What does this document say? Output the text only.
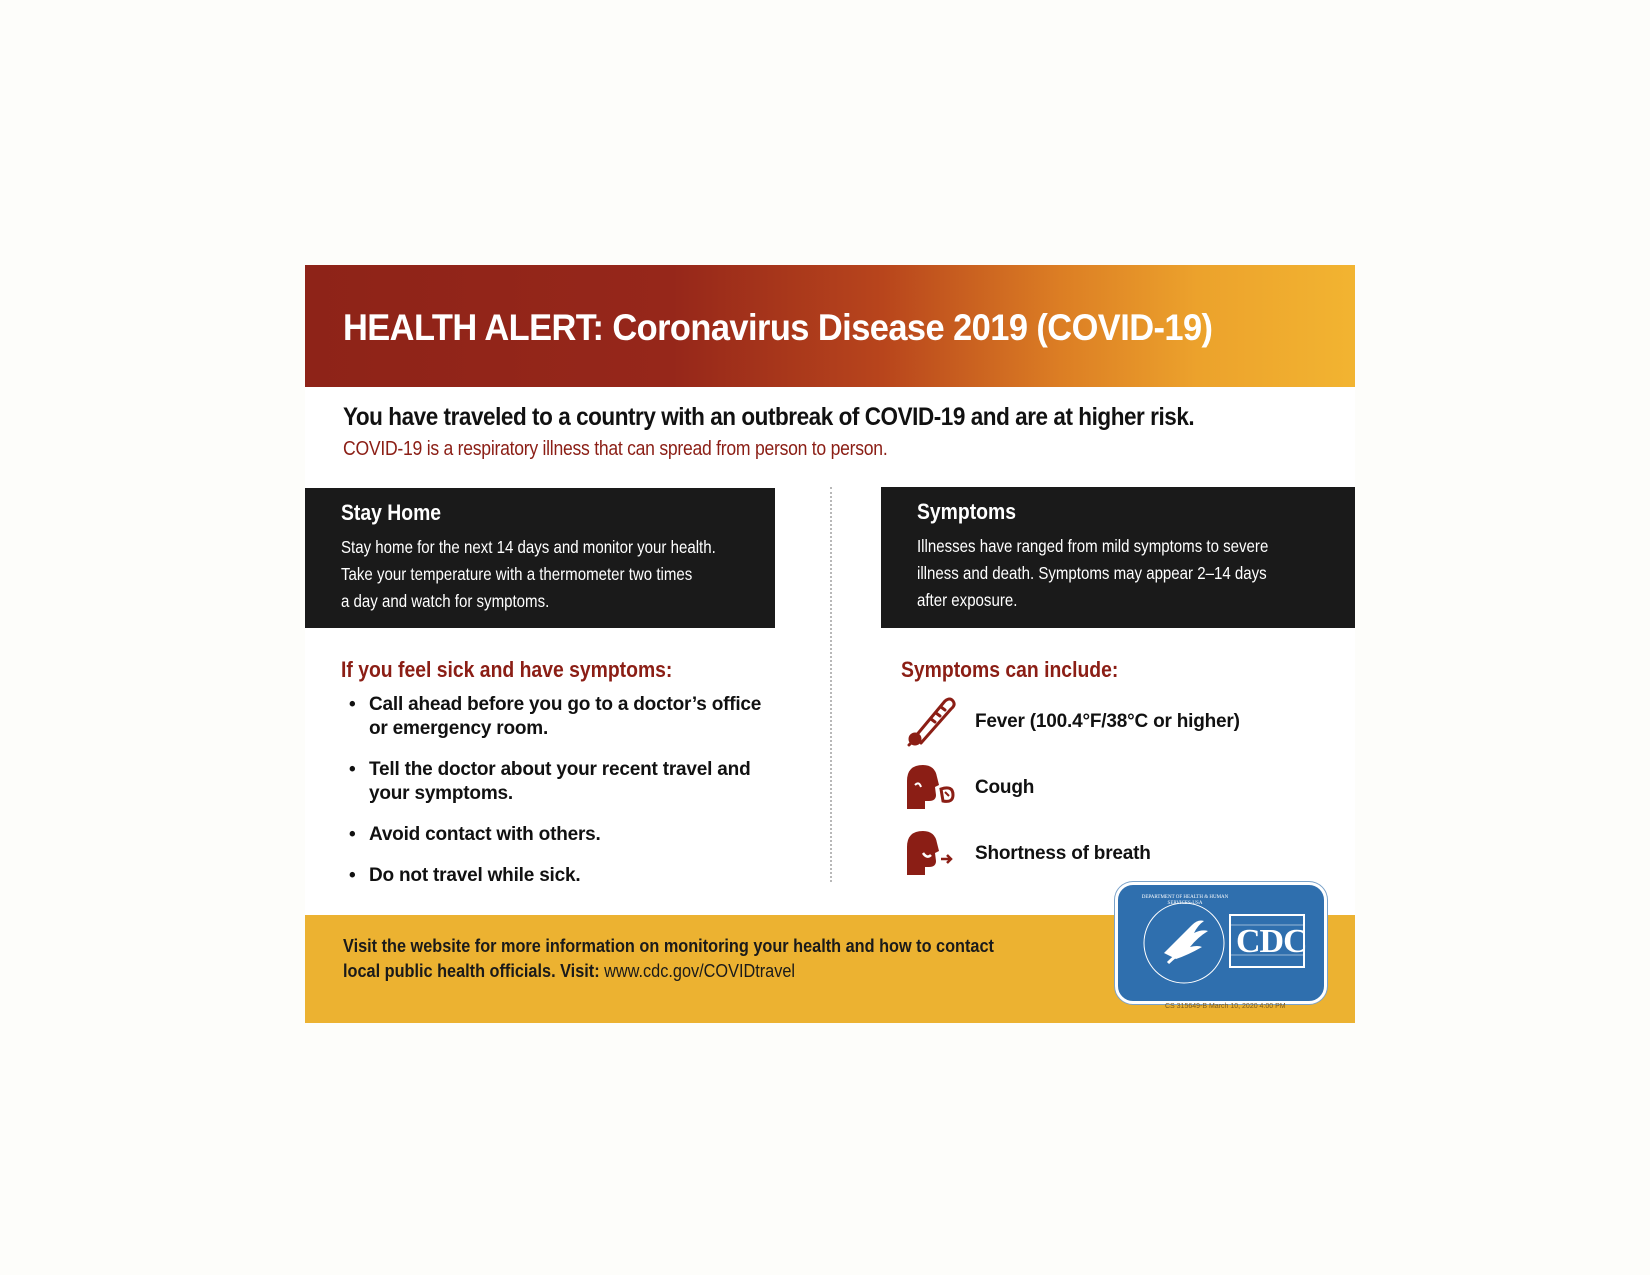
HEALTH ALERT: Coronavirus Disease 2019 (COVID-19)

You have traveled to a country with an outbreak of COVID-19 and are at higher risk.

COVID-19 is a respiratory illness that can spread from person to person.

Stay Home
Stay home for the next 14 days and monitor your health.
Take your temperature with a thermometer two times
a day and watch for symptoms.
Symptoms
Illnesses have ranged from mild symptoms to severe
illness and death. Symptoms may appear 2–14 days
after exposure.
If you feel sick and have symptoms:
• Call ahead before you go to a doctor’s office
or emergency room.
• Tell the doctor about your recent travel and
your symptoms.
• Avoid contact with others.
• Do not travel while sick.
Symptoms can include:
Fever (100.4°F/38°C or higher)
Cough
Shortness of breath

Visit the website for more information on monitoring your health and how to contact
local public health officials. Visit: www.cdc.gov/COVIDtravel

DEPARTMENT OF HEALTH & HUMAN SERVICES-USA
CDC
CS 315649-B March 10, 2020 4:00 PM
